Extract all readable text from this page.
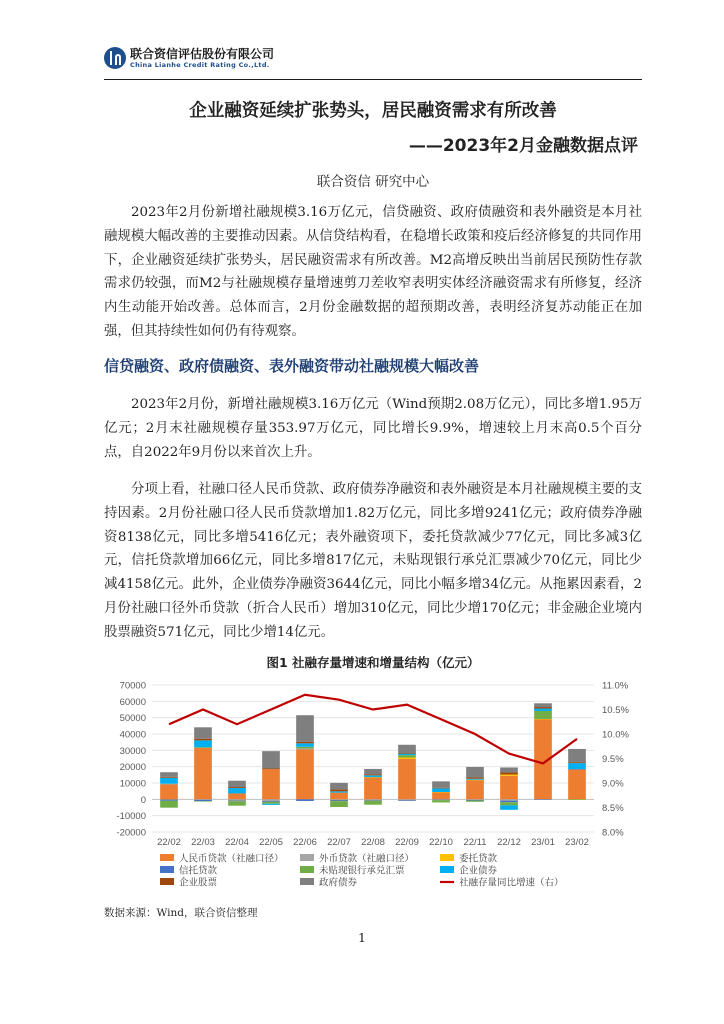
联合资信评估股份有限公司
China Lianhe Credit Rating Co.,Ltd.
企业融资延续扩张势头，居民融资需求有所改善
——2023年2月金融数据点评
联合资信 研究中心

2023年2月份新增社融规模3.16万亿元，信贷融资、政府债融资和表外融资是本月社融规模大幅改善的主要推动因素。从信贷结构看，在稳增长政策和疫后经济修复的共同作用下，企业融资延续扩张势头，居民融资需求有所改善。M2高增反映出当前居民预防性存款需求仍较强，而M2与社融规模存量增速剪刀差收窄表明实体经济融资需求有所修复，经济内生动能开始改善。总体而言，2月份金融数据的超预期改善，表明经济复苏动能正在加强，但其持续性如何仍有待观察。

信贷融资、政府债融资、表外融资带动社融规模大幅改善

2023年2月份，新增社融规模3.16万亿元（Wind预期2.08万亿元），同比多增1.95万亿元；2月末社融规模存量353.97万亿元，同比增长9.9%，增速较上月末高0.5个百分点，自2022年9月份以来首次上升。

分项上看，社融口径人民币贷款、政府债券净融资和表外融资是本月社融规模主要的支持因素。2月份社融口径人民币贷款增加1.82万亿元，同比多增9241亿元；政府债券净融资8138亿元，同比多增5416亿元；表外融资项下，委托贷款减少77亿元，同比多减3亿元，信托贷款增加66亿元，同比多增817亿元，未贴现银行承兑汇票减少70亿元，同比少减4158亿元。此外，企业债券净融资3644亿元，同比小幅多增34亿元。从拖累因素看，2月份社融口径外币贷款（折合人民币）增加310亿元，同比少增170亿元；非金融企业境内股票融资571亿元，同比少增14亿元。

图1 社融存量增速和增量结构（亿元）
70000
60000
50000
40000
30000
20000
10000
0
-10000
-20000
11.0%
10.5%
10.0%
9.5%
9.0%
8.5%
8.0%
22/02 22/03 22/04 22/05 22/06 22/07 22/08 22/09 22/10 22/11 22/12 23/01 23/02
人民币贷款（社融口径）	外币贷款（社融口径）	委托贷款
信托贷款	未贴现银行承兑汇票	企业债券
企业股票	政府债券	社融存量同比增速（右）
数据来源：Wind，联合资信整理
1
